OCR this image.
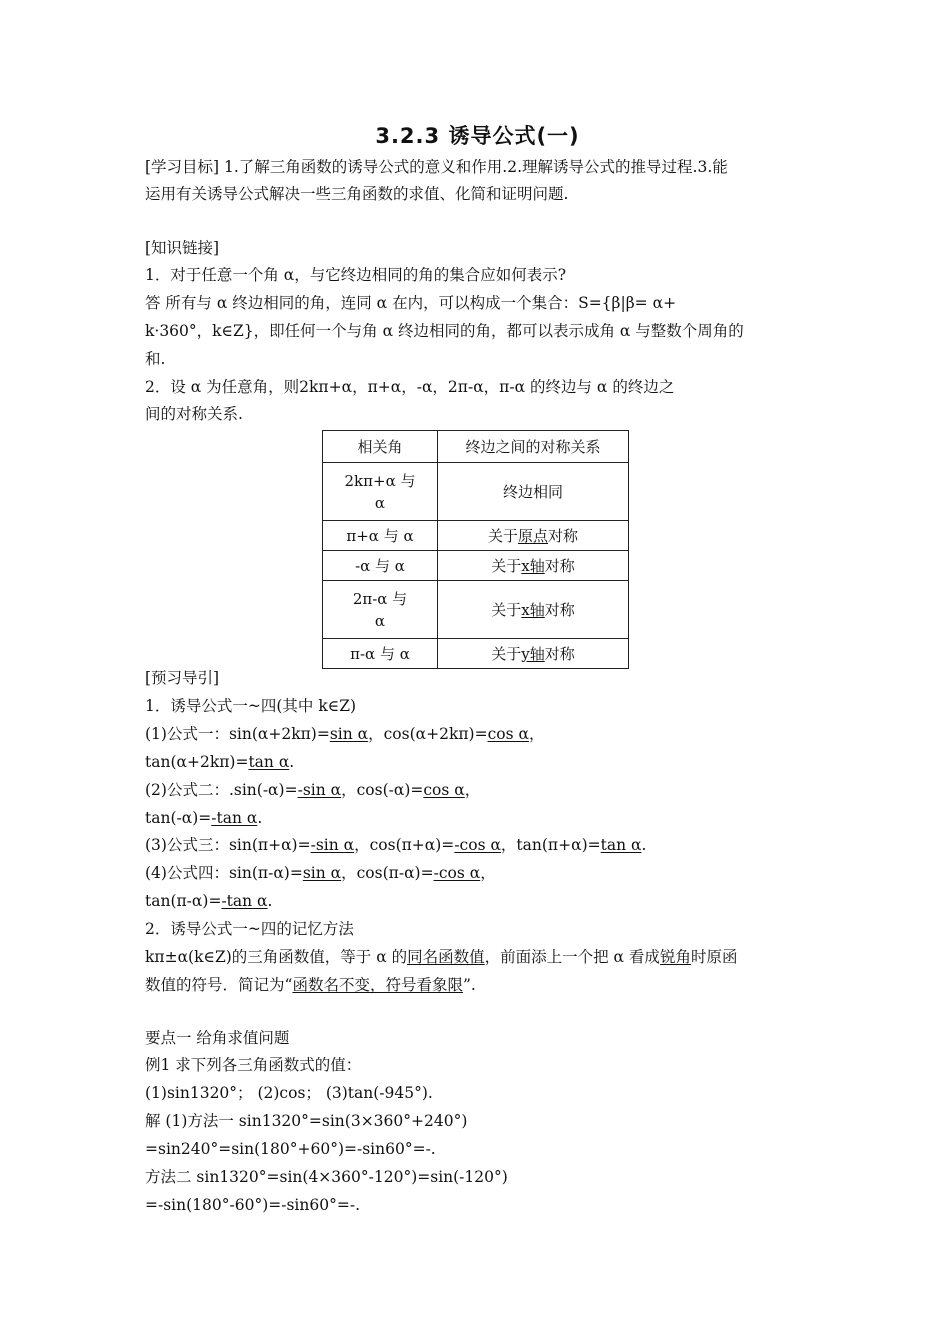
3.2.3 诱导公式(一)
[学习目标] 1.了解三角函数的诱导公式的意义和作用.2.理解诱导公式的推导过程.3.能
运用有关诱导公式解决一些三角函数的求值、化简和证明问题.
[知识链接]
1．对于任意一个角 α，与它终边相同的角的集合应如何表示?
答 所有与 α 终边相同的角，连同 α 在内，可以构成一个集合：S={β|β= α+
k·360°，k∈Z}，即任何一个与角 α 终边相同的角，都可以表示成角 α 与整数个周角的
和.
2．设 α 为任意角，则2kπ+α，π+α，-α，2π-α，π-α 的终边与 α 的终边之
间的对称关系.
相关角	终边之间的对称关系

2kπ+α 与
α	终边相同

π+α 与 α	关于原点对称

-α 与 α	关于x轴对称

2π-α 与
α	关于x轴对称

π-α 与 α	关于y轴对称
[预习导引]
1．诱导公式一~四(其中 k∈Z)
(1)公式一：sin(α+2kπ)=sin α，cos(α+2kπ)=cos α，
tan(α+2kπ)=tan α.
(2)公式二：.sin(-α)=-sin α，cos(-α)=cos α，
tan(-α)=-tan α.
(3)公式三：sin(π+α)=-sin α，cos(π+α)=-cos α，tan(π+α)=tan α.
(4)公式四：sin(π-α)=sin α，cos(π-α)=-cos α，
tan(π-α)=-tan α.
2．诱导公式一~四的记忆方法
kπ±α(k∈Z)的三角函数值，等于 α 的同名函数值，前面添上一个把 α 看成锐角时原函
数值的符号．简记为“函数名不变，符号看象限”.
要点一 给角求值问题
例1 求下列各三角函数式的值：
(1)sin1320°； (2)cos； (3)tan(-945°).
解 (1)方法一 sin1320°=sin(3×360°+240°)
=sin240°=sin(180°+60°)=-sin60°=-.
方法二 sin1320°=sin(4×360°-120°)=sin(-120°)
=-sin(180°-60°)=-sin60°=-.
